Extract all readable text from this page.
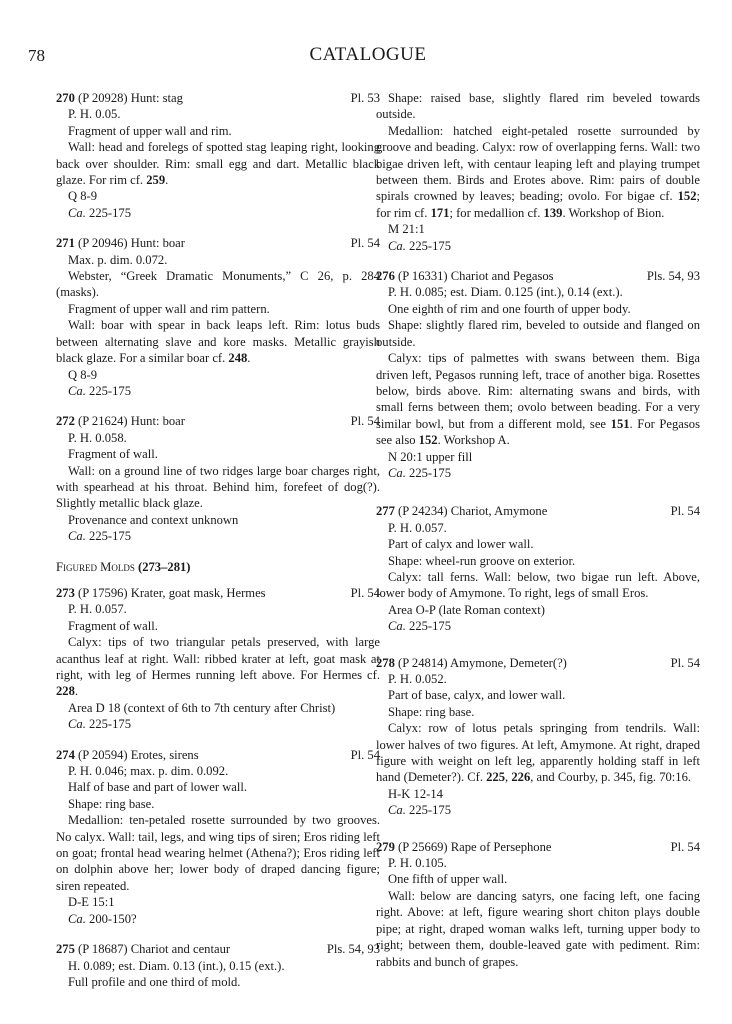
78	CATALOGUE
270 (P 20928) Hunt: stag	Pl. 53
P. H. 0.05.
Fragment of upper wall and rim.
Wall: head and forelegs of spotted stag leaping right, looking back over shoulder. Rim: small egg and dart. Metallic black glaze. For rim cf. 259.
Q 8-9
Ca. 225-175
271 (P 20946) Hunt: boar	Pl. 54
Max. p. dim. 0.072.
Webster, “Greek Dramatic Monuments,” C 26, p. 284 (masks).
Fragment of upper wall and rim pattern.
Wall: boar with spear in back leaps left. Rim: lotus buds between alternating slave and kore masks. Metallic grayish black glaze. For a similar boar cf. 248.
Q 8-9
Ca. 225-175
272 (P 21624) Hunt: boar	Pl. 54
P. H. 0.058.
Fragment of wall.
Wall: on a ground line of two ridges large boar charges right, with spearhead at his throat. Behind him, forefeet of dog(?). Slightly metallic black glaze.
Provenance and context unknown
Ca. 225-175
Figured Molds (273–281)
273 (P 17596) Krater, goat mask, Hermes	Pl. 54
P. H. 0.057.
Fragment of wall.
Calyx: tips of two triangular petals preserved, with large acanthus leaf at right. Wall: ribbed krater at left, goat mask at right, with leg of Hermes running left above. For Hermes cf. 228.
Area D 18 (context of 6th to 7th century after Christ)
Ca. 225-175
274 (P 20594) Erotes, sirens	Pl. 54
P. H. 0.046; max. p. dim. 0.092.
Half of base and part of lower wall.
Shape: ring base.
Medallion: ten-petaled rosette surrounded by two grooves. No calyx. Wall: tail, legs, and wing tips of siren; Eros riding left on goat; frontal head wearing helmet (Athena?); Eros riding left on dolphin above her; lower body of draped dancing figure; siren repeated.
D-E 15:1
Ca. 200-150?
275 (P 18687) Chariot and centaur	Pls. 54, 93
H. 0.089; est. Diam. 0.13 (int.), 0.15 (ext.).
Full profile and one third of mold.
Shape: raised base, slightly flared rim beveled towards outside.
Medallion: hatched eight-petaled rosette surrounded by groove and beading. Calyx: row of overlapping ferns. Wall: two bigae driven left, with centaur leaping left and playing trumpet between them. Birds and Erotes above. Rim: pairs of double spirals crowned by leaves; beading; ovolo. For bigae cf. 152; for rim cf. 171; for medallion cf. 139. Workshop of Bion.
M 21:1
Ca. 225-175
276 (P 16331) Chariot and Pegasos	Pls. 54, 93
P. H. 0.085; est. Diam. 0.125 (int.), 0.14 (ext.).
One eighth of rim and one fourth of upper body.
Shape: slightly flared rim, beveled to outside and flanged on outside.
Calyx: tips of palmettes with swans between them. Biga driven left, Pegasos running left, trace of another biga. Rosettes below, birds above. Rim: alternating swans and birds, with small ferns between them; ovolo between beading. For a very similar bowl, but from a different mold, see 151. For Pegasos see also 152. Workshop A.
N 20:1 upper fill
Ca. 225-175
277 (P 24234) Chariot, Amymone	Pl. 54
P. H. 0.057.
Part of calyx and lower wall.
Shape: wheel-run groove on exterior.
Calyx: tall ferns. Wall: below, two bigae run left. Above, lower body of Amymone. To right, legs of small Eros.
Area O-P (late Roman context)
Ca. 225-175
278 (P 24814) Amymone, Demeter(?)	Pl. 54
P. H. 0.052.
Part of base, calyx, and lower wall.
Shape: ring base.
Calyx: row of lotus petals springing from tendrils. Wall: lower halves of two figures. At left, Amymone. At right, draped figure with weight on left leg, apparently holding staff in left hand (Demeter?). Cf. 225, 226, and Courby, p. 345, fig. 70:16.
H-K 12-14
Ca. 225-175
279 (P 25669) Rape of Persephone	Pl. 54
P. H. 0.105.
One fifth of upper wall.
Wall: below are dancing satyrs, one facing left, one facing right. Above: at left, figure wearing short chiton plays double pipe; at right, draped woman walks left, turning upper body to right; between them, double-leaved gate with pediment. Rim: rabbits and bunch of grapes.
